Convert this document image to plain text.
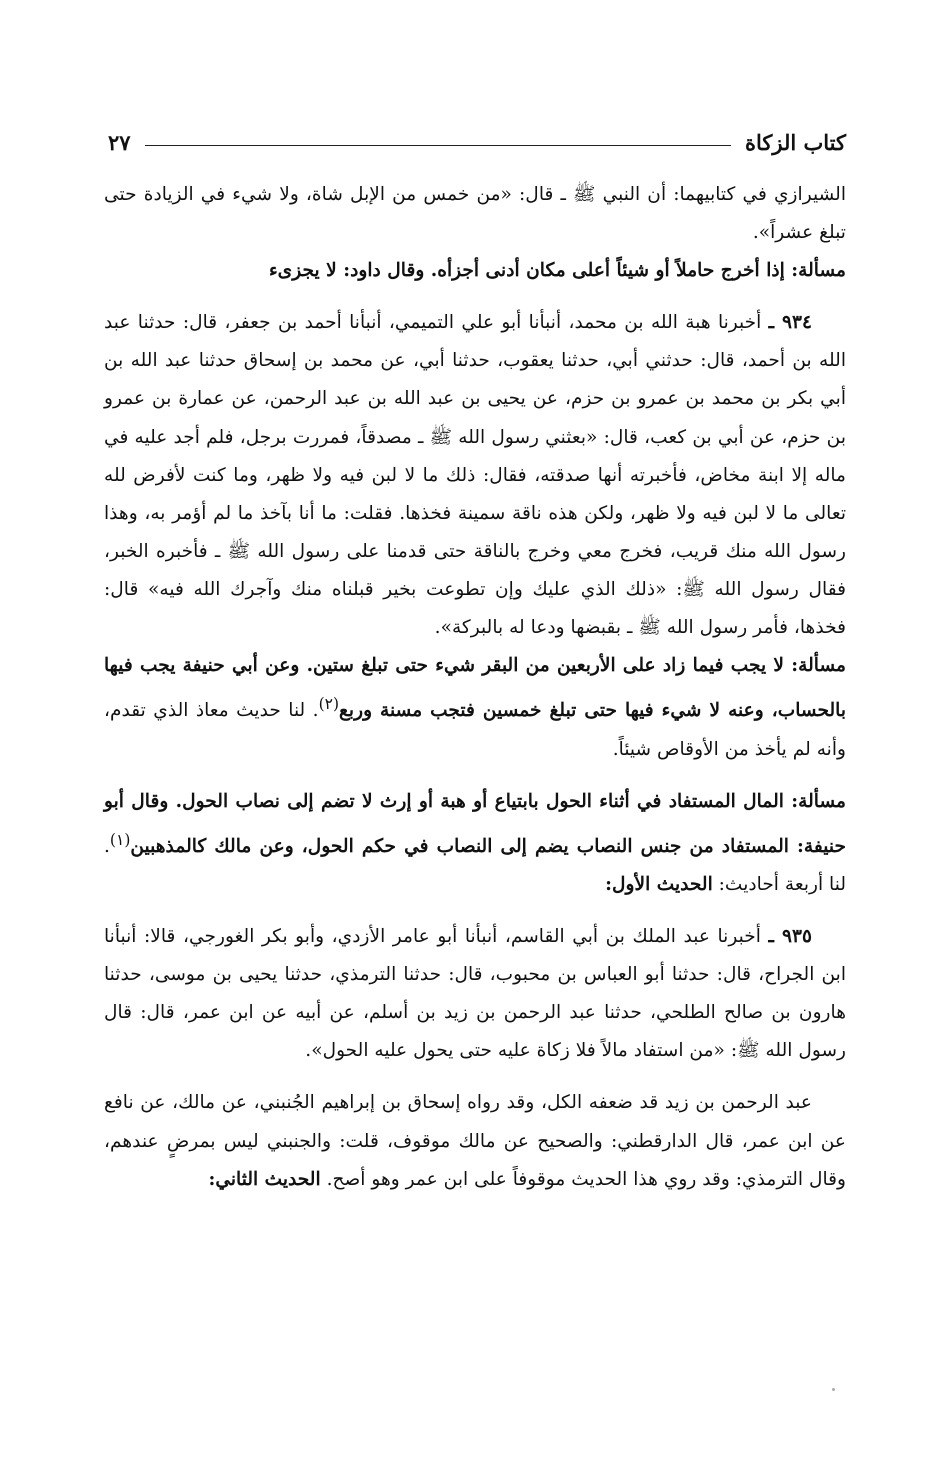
كتاب الزكاة
٢٧

الشيرازي في كتابيهما: أن النبي ﷺ ـ قال: «من خمس من الإبل شاة، ولا شيء في الزيادة حتى تبلغ عشراً».

مسألة: إذا أخرج حاملاً أو شيئاً أعلى مكان أدنى أجزأه. وقال داود: لا يجزىء

٩٣٤ ـ أخبرنا هبة الله بن محمد، أنبأنا أبو علي التميمي، أنبأنا أحمد بن جعفر، قال: حدثنا عبد الله بن أحمد، قال: حدثني أبي، حدثنا يعقوب، حدثنا أبي، عن محمد بن إسحاق حدثنا عبد الله بن أبي بكر بن محمد بن عمرو بن حزم، عن يحيى بن عبد الله بن عبد الرحمن، عن عمارة بن عمرو بن حزم، عن أبي بن كعب، قال: «بعثني رسول الله ﷺ ـ مصدقاً، فمررت برجل، فلم أجد عليه في ماله إلا ابنة مخاض، فأخبرته أنها صدقته، فقال: ذلك ما لا لبن فيه ولا ظهر، وما كنت لأفرض لله تعالى ما لا لبن فيه ولا ظهر، ولكن هذه ناقة سمينة فخذها. فقلت: ما أنا بآخذ ما لم أؤمر به، وهذا رسول الله منك قريب، فخرج معي وخرج بالناقة حتى قدمنا على رسول الله ﷺ ـ فأخبره الخبر، فقال رسول الله ﷺ: «ذلك الذي عليك وإن تطوعت بخير قبلناه منك وآجرك الله فيه» قال: فخذها، فأمر رسول الله ﷺ ـ بقبضها ودعا له بالبركة».

مسألة: لا يجب فيما زاد على الأربعين من البقر شيء حتى تبلغ ستين. وعن أبي حنيفة يجب فيها بالحساب، وعنه لا شيء فيها حتى تبلغ خمسين فتجب مسنة وربع$^{(٢)}$. لنا حديث معاذ الذي تقدم، وأنه لم يأخذ من الأوقاص شيئاً.

مسألة: المال المستفاد في أثناء الحول بابتياع أو هبة أو إرث لا تضم إلى نصاب الحول. وقال أبو حنيفة: المستفاد من جنس النصاب يضم إلى النصاب في حكم الحول، وعن مالك كالمذهبين$^{(١)}$. لنا أربعة أحاديث: الحديث الأول:

٩٣٥ ـ أخبرنا عبد الملك بن أبي القاسم، أنبأنا أبو عامر الأزدي، وأبو بكر الغورجي، قالا: أنبأنا ابن الجراح، قال: حدثنا أبو العباس بن محبوب، قال: حدثنا الترمذي، حدثنا يحيى بن موسى، حدثنا هارون بن صالح الطلحي، حدثنا عبد الرحمن بن زيد بن أسلم، عن أبيه عن ابن عمر، قال: قال رسول الله ﷺ: «من استفاد مالاً فلا زكاة عليه حتى يحول عليه الحول».

عبد الرحمن بن زيد قد ضعفه الكل، وقد رواه إسحاق بن إبراهيم الجُنبني، عن مالك، عن نافع عن ابن عمر، قال الدارقطني: والصحيح عن مالك موقوف، قلت: والجنبني ليس بمرضٍ عندهم، وقال الترمذي: وقد روي هذا الحديث موقوفاً على ابن عمر وهو أصح. الحديث الثاني:
